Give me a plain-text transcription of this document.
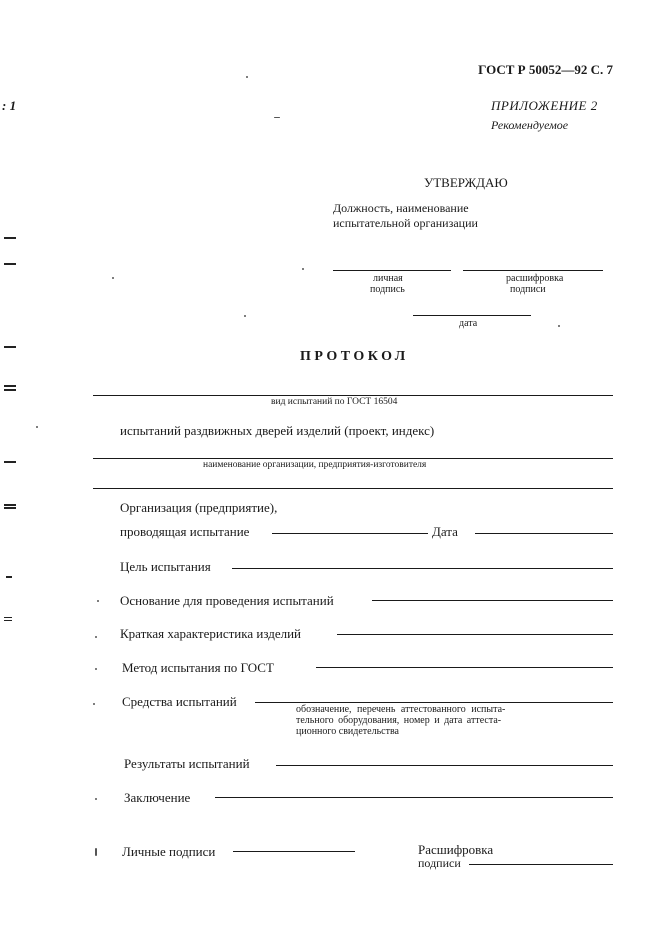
: 1
ГОСТ Р 50052—92 С. 7
ПРИЛОЖЕНИЕ 2
Рекомендуемое
УТВЕРЖДАЮ
Должность, наименование
испытательной организации
личная
подпись
расшифровка
подписи
дата
ПРОТОКОЛ
вид испытаний по ГОСТ 16504
испытаний раздвижных дверей изделий (проект, индекс)
наименование организации, предприятия-изготовителя
Организация (предприятие),
проводящая испытание	Дата
Цель испытания
Основание для проведения испытаний
Краткая характеристика изделий
Метод испытания по ГОСТ
Средства испытаний
обозначение, перечень аттестованного испыта-
тельного оборудования, номер и дата аттеста-
ционного свидетельства
Результаты испытаний
Заключение
Личные подписи	Расшифровка
подписи
